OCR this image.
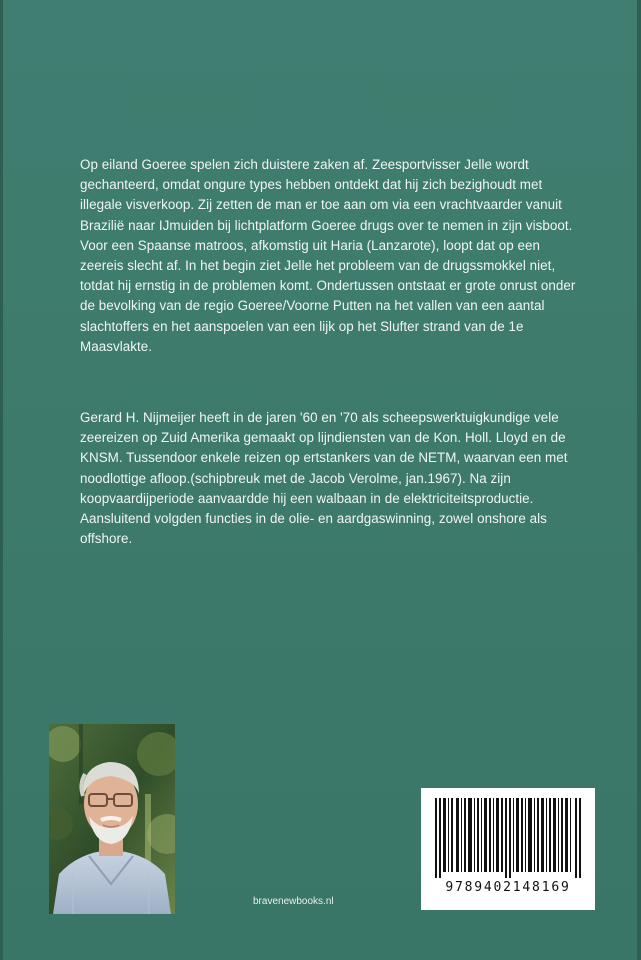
Op eiland Goeree spelen zich duistere zaken af. Zeesportvisser Jelle wordt gechanteerd, omdat ongure types hebben ontdekt dat hij zich bezighoudt met illegale visverkoop. Zij zetten de man er toe aan om via een vrachtvaarder vanuit Brazilië naar IJmuiden bij lichtplatform Goeree drugs over te nemen in zijn visboot. Voor een Spaanse matroos, afkomstig uit Haria (Lanzarote), loopt dat op een zeereis slecht af. In het begin ziet Jelle het probleem van de drugssmokkel niet, totdat hij ernstig in de problemen komt. Ondertussen ontstaat er grote onrust onder de bevolking van de regio Goeree/Voorne Putten na het vallen van een aantal slachtoffers en het aanspoelen van een lijk op het Slufter strand van de 1e Maasvlakte.

Gerard H. Nijmeijer heeft in de jaren '60 en '70 als scheepswerktuigkundige vele zeereizen op Zuid Amerika gemaakt op lijndiensten van de Kon. Holl. Lloyd en de KNSM. Tussendoor enkele reizen op ertstankers van de NETM, waarvan een met noodlottige afloop.(schipbreuk met de Jacob Verolme, jan.1967). Na zijn koopvaardijperiode aanvaardde hij een walbaan in de elektriciteitsproductie. Aansluitend volgden functies in de olie- en aardgaswinning, zowel onshore als offshore.

9789402148169
bravenewbooks.nl
